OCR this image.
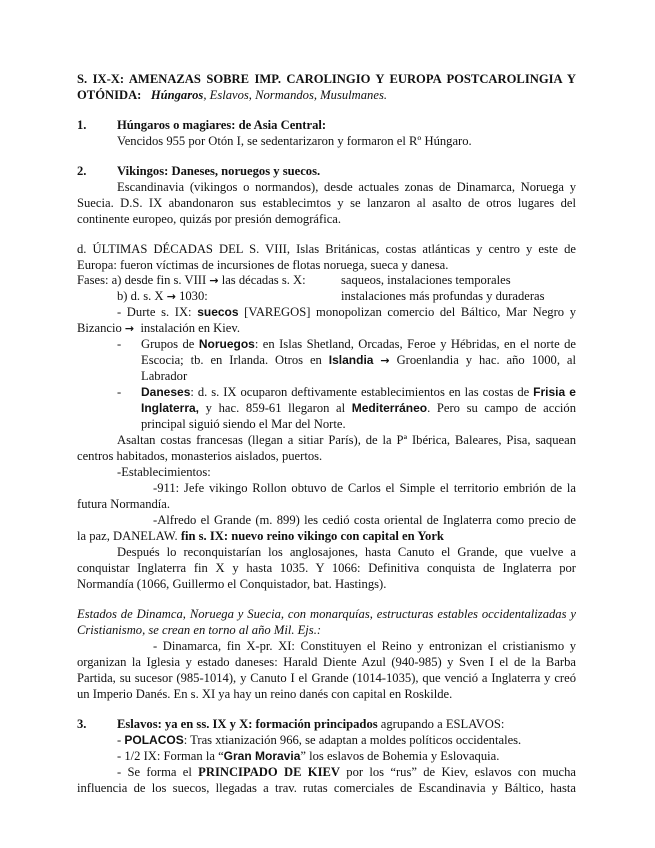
S. IX-X: AMENAZAS SOBRE IMP. CAROLINGIO Y EUROPA POSTCAROLINGIA Y
OTÓNIDA: Húngaros, Eslavos, Normandos, Musulmanes.
1. Húngaros o magiares: de Asia Central:
Vencidos 955 por Otón I, se sedentarizaron y formaron el Rº Húngaro.
2. Vikingos: Daneses, noruegos y suecos.
Escandinavia (vikingos o normandos), desde actuales zonas de Dinamarca, Noruega y
Suecia. D.S. IX abandonaron sus establecimtos y se lanzaron al asalto de otros lugares del
continente europeo, quizás por presión demográfica.
d. ÚLTIMAS DÉCADAS DEL S. VIII, Islas Británicas, costas atlánticas y centro y este de
Europa: fueron víctimas de incursiones de flotas noruega, sueca y danesa.
Fases: a) desde fin s. VIII → las décadas s. X:	saqueos, instalaciones temporales
b) d. s. X → 1030:	instalaciones más profundas y duraderas
- Durte s. IX: suecos [VAREGOS] monopolizan comercio del Báltico, Mar Negro y
Bizancio → instalación en Kiev.
- Grupos de Noruegos: en Islas Shetland, Orcadas, Feroe y Hébridas, en el norte de
Escocia; tb. en Irlanda. Otros en Islandia → Groenlandia y hac. año 1000, al
Labrador
- Daneses: d. s. IX ocuparon deftivamente establecimientos en las costas de Frisia e
Inglaterra, y hac. 859-61 llegaron al Mediterráneo. Pero su campo de acción
principal siguió siendo el Mar del Norte.
Asaltan costas francesas (llegan a sitiar París), de la Pª Ibérica, Baleares, Pisa, saquean
centros habitados, monasterios aislados, puertos.
-Establecimientos:
-911: Jefe vikingo Rollon obtuvo de Carlos el Simple el territorio embrión de la
futura Normandía.
-Alfredo el Grande (m. 899) les cedió costa oriental de Inglaterra como precio de
la paz, DANELAW. fin s. IX: nuevo reino vikingo con capital en York
Después lo reconquistarían los anglosajones, hasta Canuto el Grande, que vuelve a
conquistar Inglaterra fin X y hasta 1035. Y 1066: Definitiva conquista de Inglaterra por
Normandía (1066, Guillermo el Conquistador, bat. Hastings).
Estados de Dinamca, Noruega y Suecia, con monarquías, estructuras estables occidentalizadas y
Cristianismo, se crean en torno al año Mil. Ejs.:
- Dinamarca, fin X-pr. XI: Constituyen el Reino y entronizan el cristianismo y
organizan la Iglesia y estado daneses: Harald Diente Azul (940-985) y Sven I el de la Barba
Partida, su sucesor (985-1014), y Canuto I el Grande (1014-1035), que venció a Inglaterra y creó
un Imperio Danés. En s. XI ya hay un reino danés con capital en Roskilde.
3. Eslavos: ya en ss. IX y X: formación principados agrupando a ESLAVOS:
- POLACOS: Tras xtianización 966, se adaptan a moldes políticos occidentales.
- 1/2 IX: Forman la “Gran Moravia” los eslavos de Bohemia y Eslovaquia.
- Se forma el PRINCIPADO DE KIEV por los “rus” de Kiev, eslavos con mucha
influencia de los suecos, llegadas a trav. rutas comerciales de Escandinavia y Báltico, hasta
